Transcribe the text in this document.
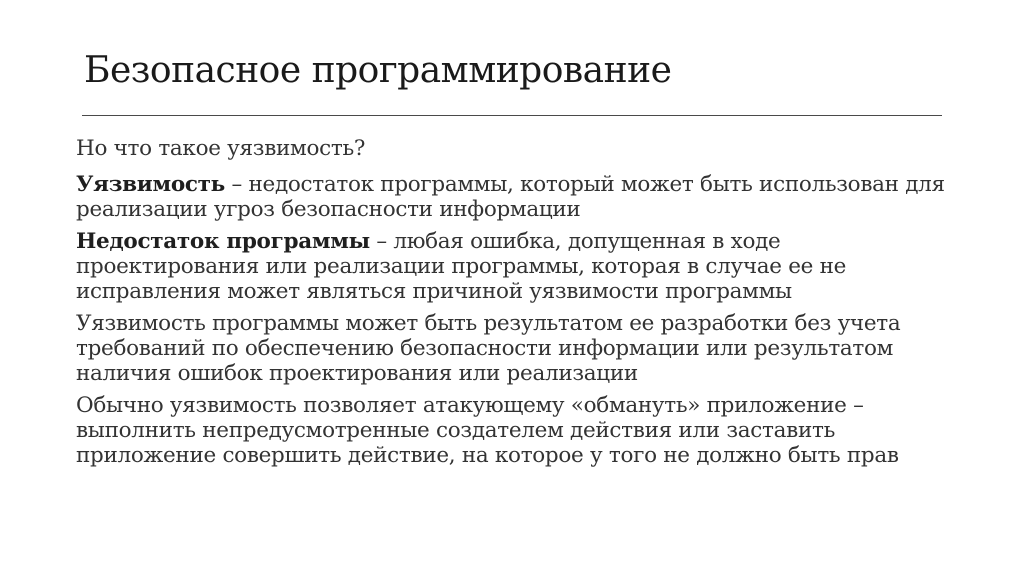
Безопасное программирование

Но что такое уязвимость?

Уязвимость – недостаток программы, который может быть использован для реализации угроз безопасности информации

Недостаток программы – любая ошибка, допущенная в ходе проектирования или реализации программы, которая в случае ее не исправления может являться причиной уязвимости программы

Уязвимость программы может быть результатом ее разработки без учета требований по обеспечению безопасности информации или результатом наличия ошибок проектирования или реализации

Обычно уязвимость позволяет атакующему «обмануть» приложение – выполнить непредусмотренные создателем действия или заставить приложение совершить действие, на которое у того не должно быть прав
